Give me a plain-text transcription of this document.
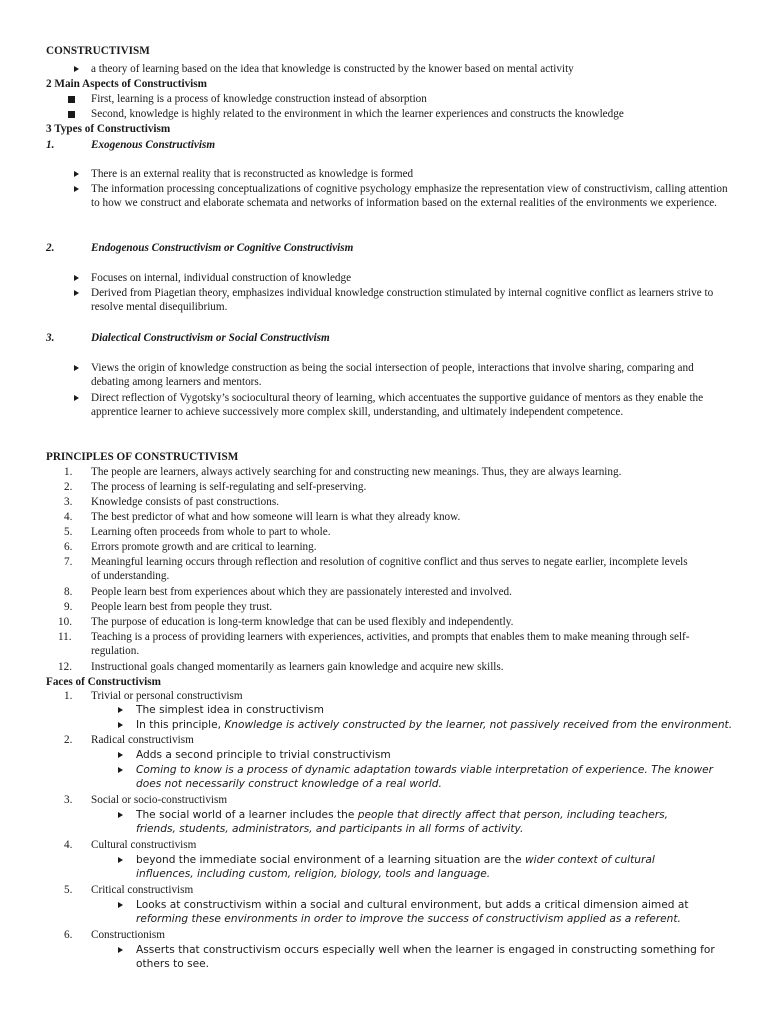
CONSTRUCTIVISM
a theory of learning based on the idea that knowledge is constructed by the knower based on mental activity
2 Main Aspects of Constructivism
First, learning is a process of knowledge construction instead of absorption
Second, knowledge is highly related to the environment in which the learner experiences and constructs the knowledge
3 Types of Constructivism
1.	Exogenous Constructivism
There is an external reality that is reconstructed as knowledge is formed
The information processing conceptualizations of cognitive psychology emphasize the representation view of constructivism, calling attention to how we construct and elaborate schemata and networks of information based on the external realities of the environments we experience.
2.	Endogenous Constructivism or Cognitive Constructivism
Focuses on internal, individual construction of knowledge
Derived from Piagetian theory, emphasizes individual knowledge construction stimulated by internal cognitive conflict as learners strive to resolve mental disequilibrium.
3.	Dialectical Constructivism or Social Constructivism
Views the origin of knowledge construction as being the social intersection of people, interactions that involve sharing, comparing and debating among learners and mentors.
Direct reflection of Vygotsky’s sociocultural theory of learning, which accentuates the supportive guidance of mentors as they enable the apprentice learner to achieve successively more complex skill, understanding, and ultimately independent competence.
PRINCIPLES OF CONSTRUCTIVISM
1. The people are learners, always actively searching for and constructing new meanings. Thus, they are always learning.
2. The process of learning is self-regulating and self-preserving.
3. Knowledge consists of past constructions.
4. The best predictor of what and how someone will learn is what they already know.
5. Learning often proceeds from whole to part to whole.
6. Errors promote growth and are critical to learning.
7. Meaningful learning occurs through reflection and resolution of cognitive conflict and thus serves to negate earlier, incomplete levels of understanding.
8. People learn best from experiences about which they are passionately interested and involved.
9. People learn best from people they trust.
10. The purpose of education is long-term knowledge that can be used flexibly and independently.
11. Teaching is a process of providing learners with experiences, activities, and prompts that enables them to make meaning through self-regulation.
12. Instructional goals changed momentarily as learners gain knowledge and acquire new skills.
Faces of Constructivism
1. Trivial or personal constructivism
The simplest idea in constructivism
In this principle, Knowledge is actively constructed by the learner, not passively received from the environment.
2. Radical constructivism
Adds a second principle to trivial constructivism
Coming to know is a process of dynamic adaptation towards viable interpretation of experience. The knower does not necessarily construct knowledge of a real world.
3. Social or socio-constructivism
The social world of a learner includes the people that directly affect that person, including teachers, friends, students, administrators, and participants in all forms of activity.
4. Cultural constructivism
beyond the immediate social environment of a learning situation are the wider context of cultural influences, including custom, religion, biology, tools and language.
5. Critical constructivism
Looks at constructivism within a social and cultural environment, but adds a critical dimension aimed at reforming these environments in order to improve the success of constructivism applied as a referent.
6. Constructionism
Asserts that constructivism occurs especially well when the learner is engaged in constructing something for others to see.
